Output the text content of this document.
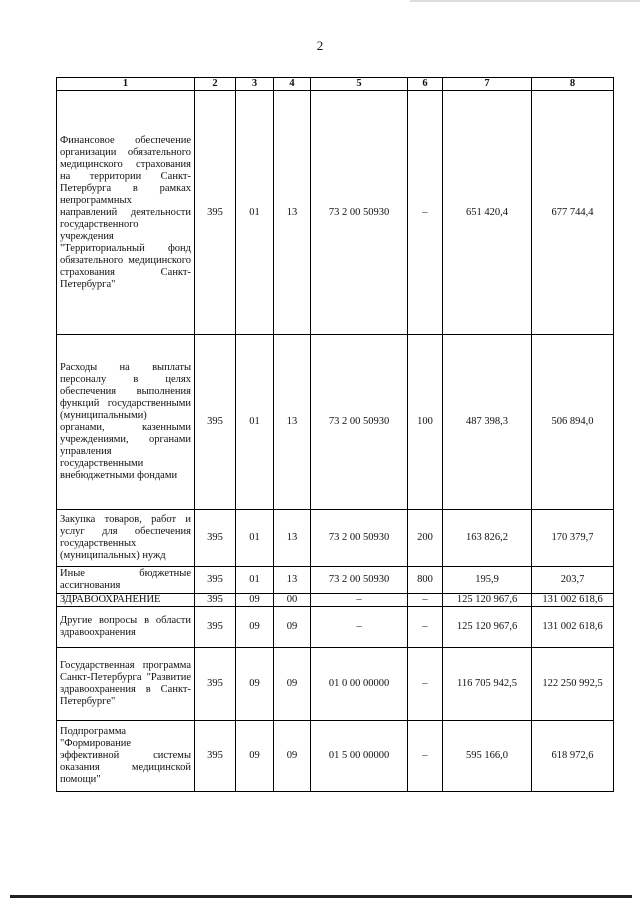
2
1	2	3	4	5	6	7	8
Финансовое обеспечение организации обязательного медицинского страхования на территории Санкт-Петербурга в рамках непрограммных направлений деятельности государственного учреждения "Территориальный фонд обязательного медицинского страхования Санкт-Петербурга"	395	01	13	73 2 00 50930	–	651 420,4	677 744,4
Расходы на выплаты персоналу в целях обеспечения выполнения функций государственными (муниципальными) органами, казенными учреждениями, органами управления государственными внебюджетными фондами	395	01	13	73 2 00 50930	100	487 398,3	506 894,0
Закупка товаров, работ и услуг для обеспечения государственных (муниципальных) нужд	395	01	13	73 2 00 50930	200	163 826,2	170 379,7
Иные бюджетные ассигнования	395	01	13	73 2 00 50930	800	195,9	203,7
ЗДРАВООХРАНЕНИЕ	395	09	00	–	–	125 120 967,6	131 002 618,6
Другие вопросы в области здравоохранения	395	09	09	–	–	125 120 967,6	131 002 618,6
Государственная программа Санкт-Петербурга "Развитие здравоохранения в Санкт-Петербурге"	395	09	09	01 0 00 00000	–	116 705 942,5	122 250 992,5
Подпрограмма "Формирование эффективной системы оказания медицинской помощи"	395	09	09	01 5 00 00000	–	595 166,0	618 972,6
